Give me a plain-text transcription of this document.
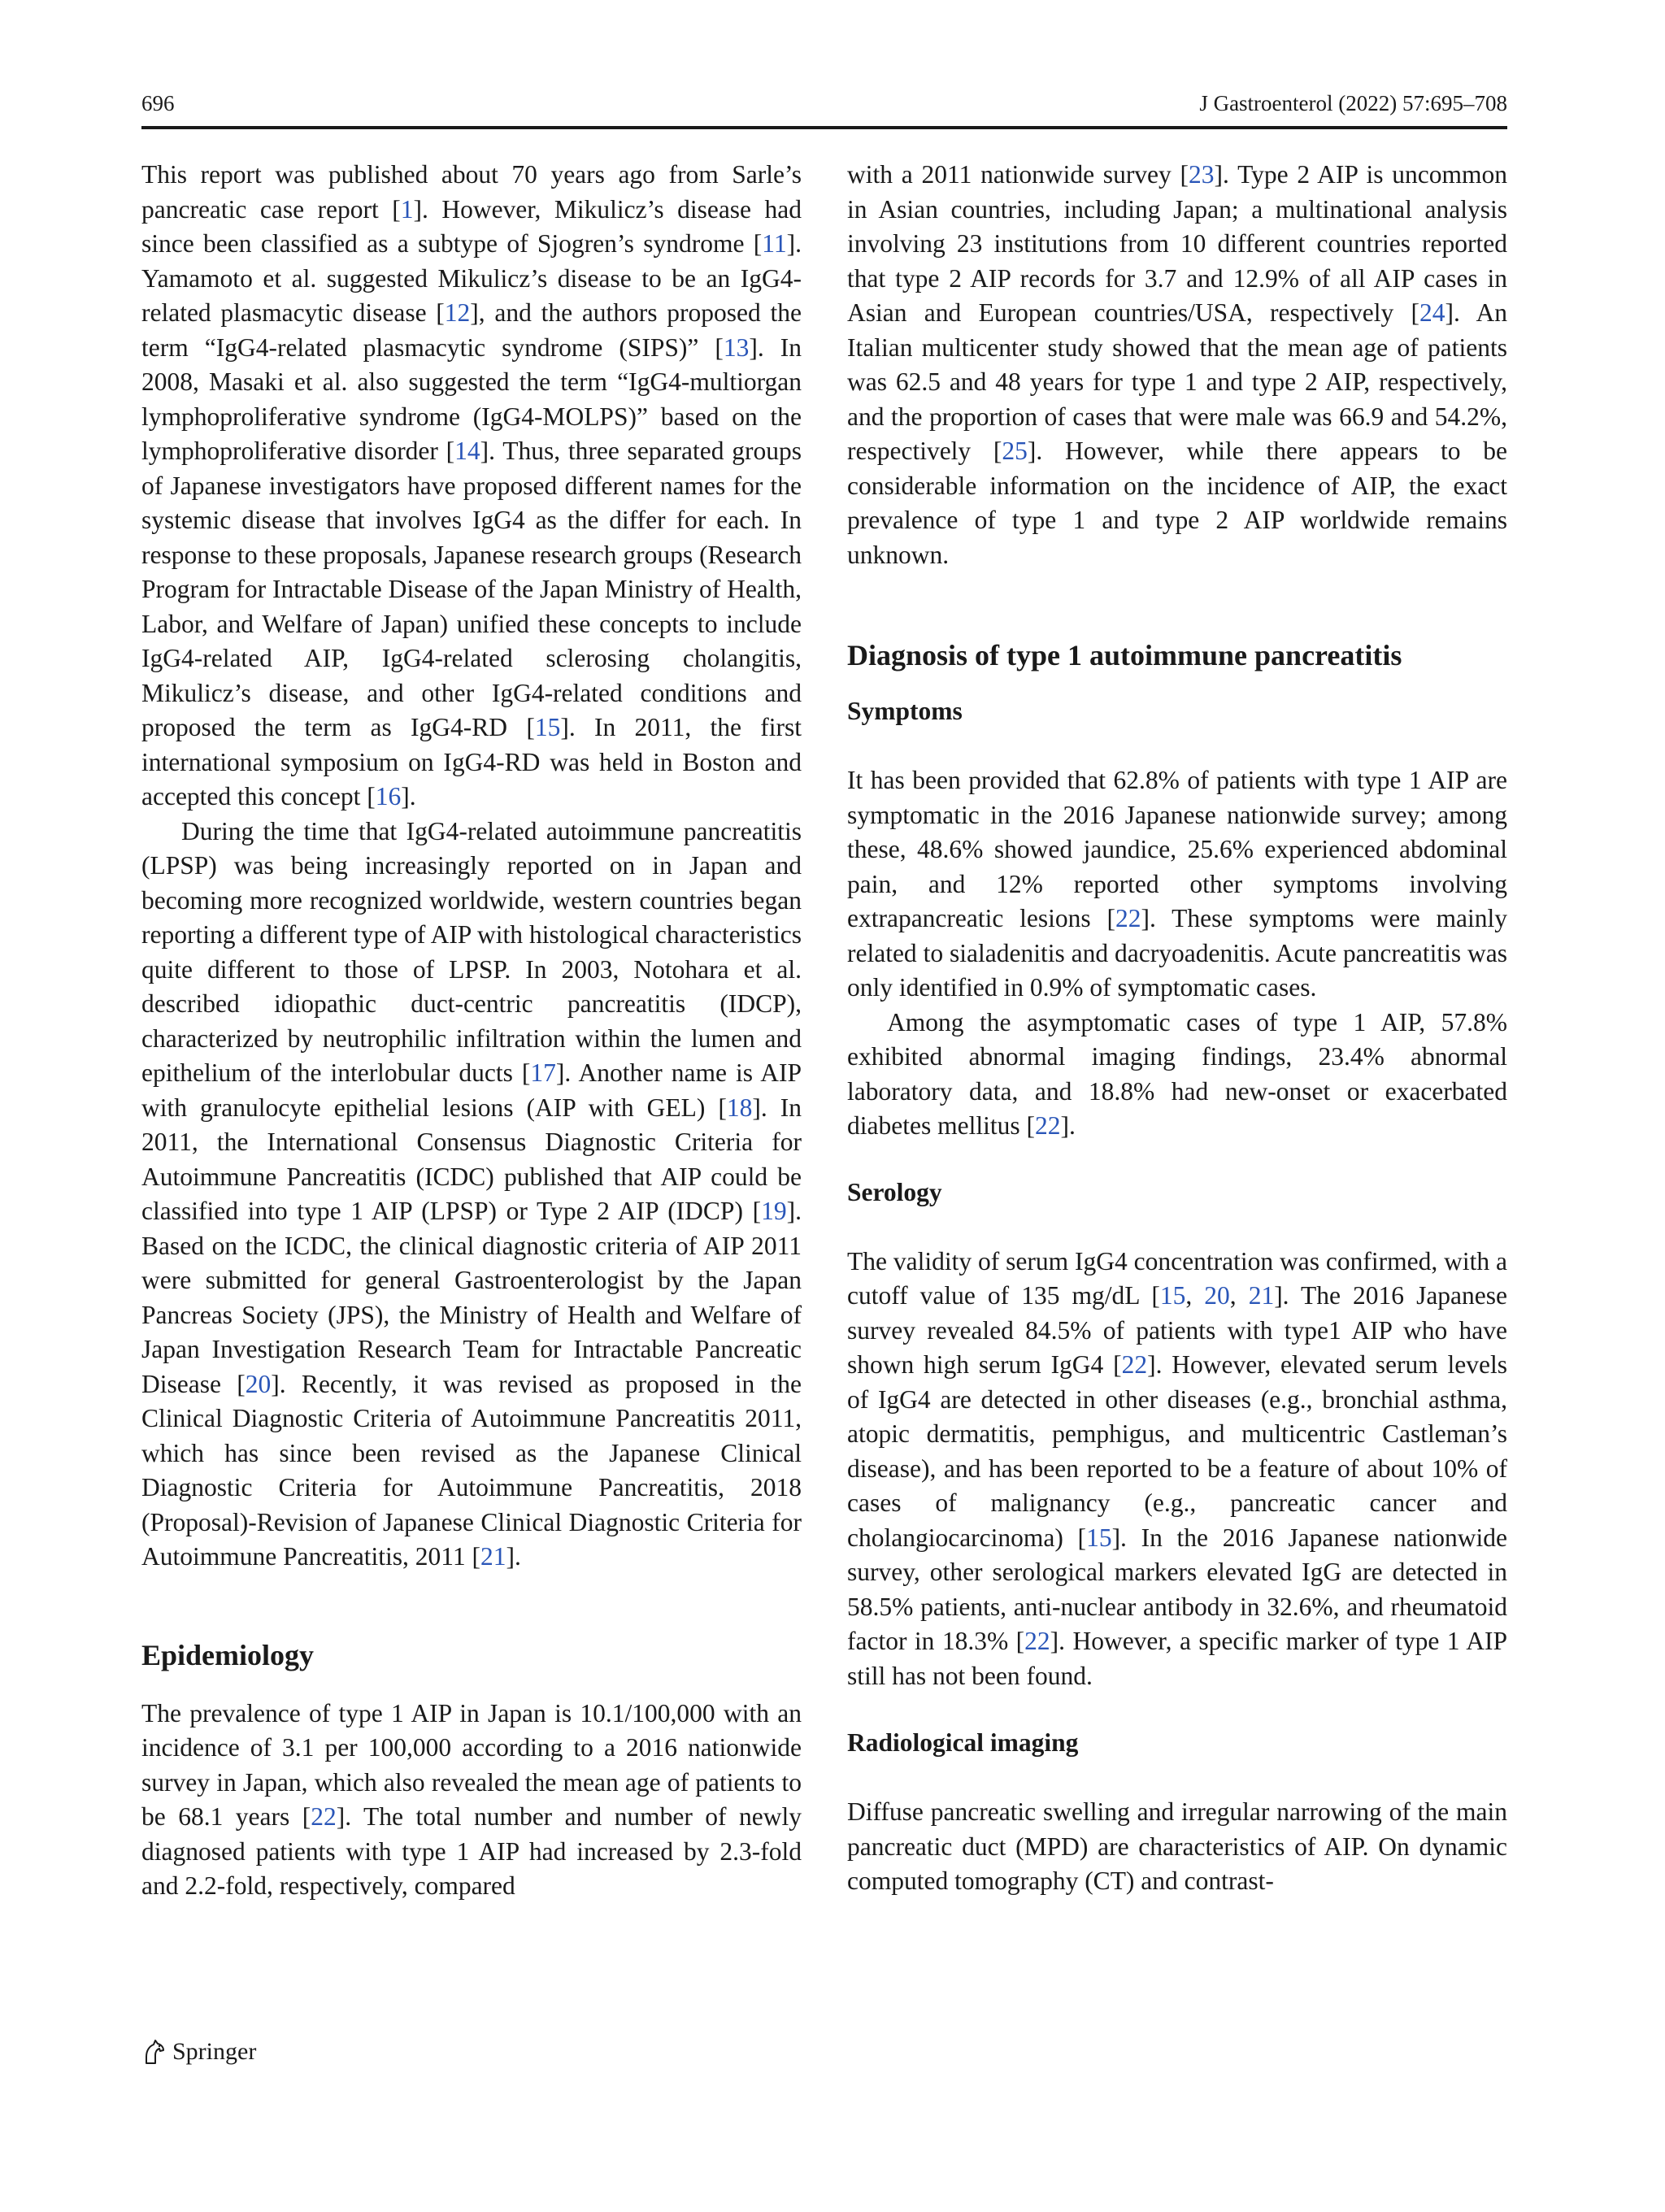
696	J Gastroenterol (2022) 57:695–708

This report was published about 70 years ago from Sarle’s pancreatic case report [1]. However, Mikulicz’s disease had since been classified as a subtype of Sjogren’s syndrome [11]. Yamamoto et al. suggested Mikulicz’s disease to be an IgG4-related plasmacytic disease [12], and the authors proposed the term “IgG4-related plasmacytic syndrome (SIPS)” [13]. In 2008, Masaki et al. also suggested the term “IgG4-multiorgan lymphoproliferative syndrome (IgG4-MOLPS)” based on the lymphoproliferative disorder [14]. Thus, three separated groups of Japanese investigators have proposed different names for the systemic disease that involves IgG4 as the differ for each. In response to these proposals, Japanese research groups (Research Program for Intractable Disease of the Japan Ministry of Health, Labor, and Welfare of Japan) unified these concepts to include IgG4-related AIP, IgG4-related sclerosing cholangitis, Mikulicz’s disease, and other IgG4-related conditions and proposed the term as IgG4-RD [15]. In 2011, the first international symposium on IgG4-RD was held in Boston and accepted this concept [16].

During the time that IgG4-related autoimmune pancreatitis (LPSP) was being increasingly reported on in Japan and becoming more recognized worldwide, western countries began reporting a different type of AIP with histological characteristics quite different to those of LPSP. In 2003, Notohara et al. described idiopathic duct-centric pancreatitis (IDCP), characterized by neutrophilic infiltration within the lumen and epithelium of the interlobular ducts [17]. Another name is AIP with granulocyte epithelial lesions (AIP with GEL) [18]. In 2011, the International Consensus Diagnostic Criteria for Autoimmune Pancreatitis (ICDC) published that AIP could be classified into type 1 AIP (LPSP) or Type 2 AIP (IDCP) [19]. Based on the ICDC, the clinical diagnostic criteria of AIP 2011 were submitted for general Gastroenterologist by the Japan Pancreas Society (JPS), the Ministry of Health and Welfare of Japan Investigation Research Team for Intractable Pancreatic Disease [20]. Recently, it was revised as proposed in the Clinical Diagnostic Criteria of Autoimmune Pancreatitis 2011, which has since been revised as the Japanese Clinical Diagnostic Criteria for Autoimmune Pancreatitis, 2018 (Proposal)-Revision of Japanese Clinical Diagnostic Criteria for Autoimmune Pancreatitis, 2011 [21].

Epidemiology

The prevalence of type 1 AIP in Japan is 10.1/100,000 with an incidence of 3.1 per 100,000 according to a 2016 nationwide survey in Japan, which also revealed the mean age of patients to be 68.1 years [22]. The total number and number of newly diagnosed patients with type 1 AIP had increased by 2.3-fold and 2.2-fold, respectively, compared

with a 2011 nationwide survey [23]. Type 2 AIP is uncommon in Asian countries, including Japan; a multinational analysis involving 23 institutions from 10 different countries reported that type 2 AIP records for 3.7 and 12.9% of all AIP cases in Asian and European countries/USA, respectively [24]. An Italian multicenter study showed that the mean age of patients was 62.5 and 48 years for type 1 and type 2 AIP, respectively, and the proportion of cases that were male was 66.9 and 54.2%, respectively [25]. However, while there appears to be considerable information on the incidence of AIP, the exact prevalence of type 1 and type 2 AIP worldwide remains unknown.

Diagnosis of type 1 autoimmune pancreatitis
Symptoms

It has been provided that 62.8% of patients with type 1 AIP are symptomatic in the 2016 Japanese nationwide survey; among these, 48.6% showed jaundice, 25.6% experienced abdominal pain, and 12% reported other symptoms involving extrapancreatic lesions [22]. These symptoms were mainly related to sialadenitis and dacryoadenitis. Acute pancreatitis was only identified in 0.9% of symptomatic cases.

Among the asymptomatic cases of type 1 AIP, 57.8% exhibited abnormal imaging findings, 23.4% abnormal laboratory data, and 18.8% had new-onset or exacerbated diabetes mellitus [22].

Serology

The validity of serum IgG4 concentration was confirmed, with a cutoff value of 135 mg/dL [15, 20, 21]. The 2016 Japanese survey revealed 84.5% of patients with type1 AIP who have shown high serum IgG4 [22]. However, elevated serum levels of IgG4 are detected in other diseases (e.g., bronchial asthma, atopic dermatitis, pemphigus, and multicentric Castleman’s disease), and has been reported to be a feature of about 10% of cases of malignancy (e.g., pancreatic cancer and cholangiocarcinoma) [15]. In the 2016 Japanese nationwide survey, other serological markers elevated IgG are detected in 58.5% patients, anti-nuclear antibody in 32.6%, and rheumatoid factor in 18.3% [22]. However, a specific marker of type 1 AIP still has not been found.

Radiological imaging

Diffuse pancreatic swelling and irregular narrowing of the main pancreatic duct (MPD) are characteristics of AIP. On dynamic computed tomography (CT) and contrast-

Springer
